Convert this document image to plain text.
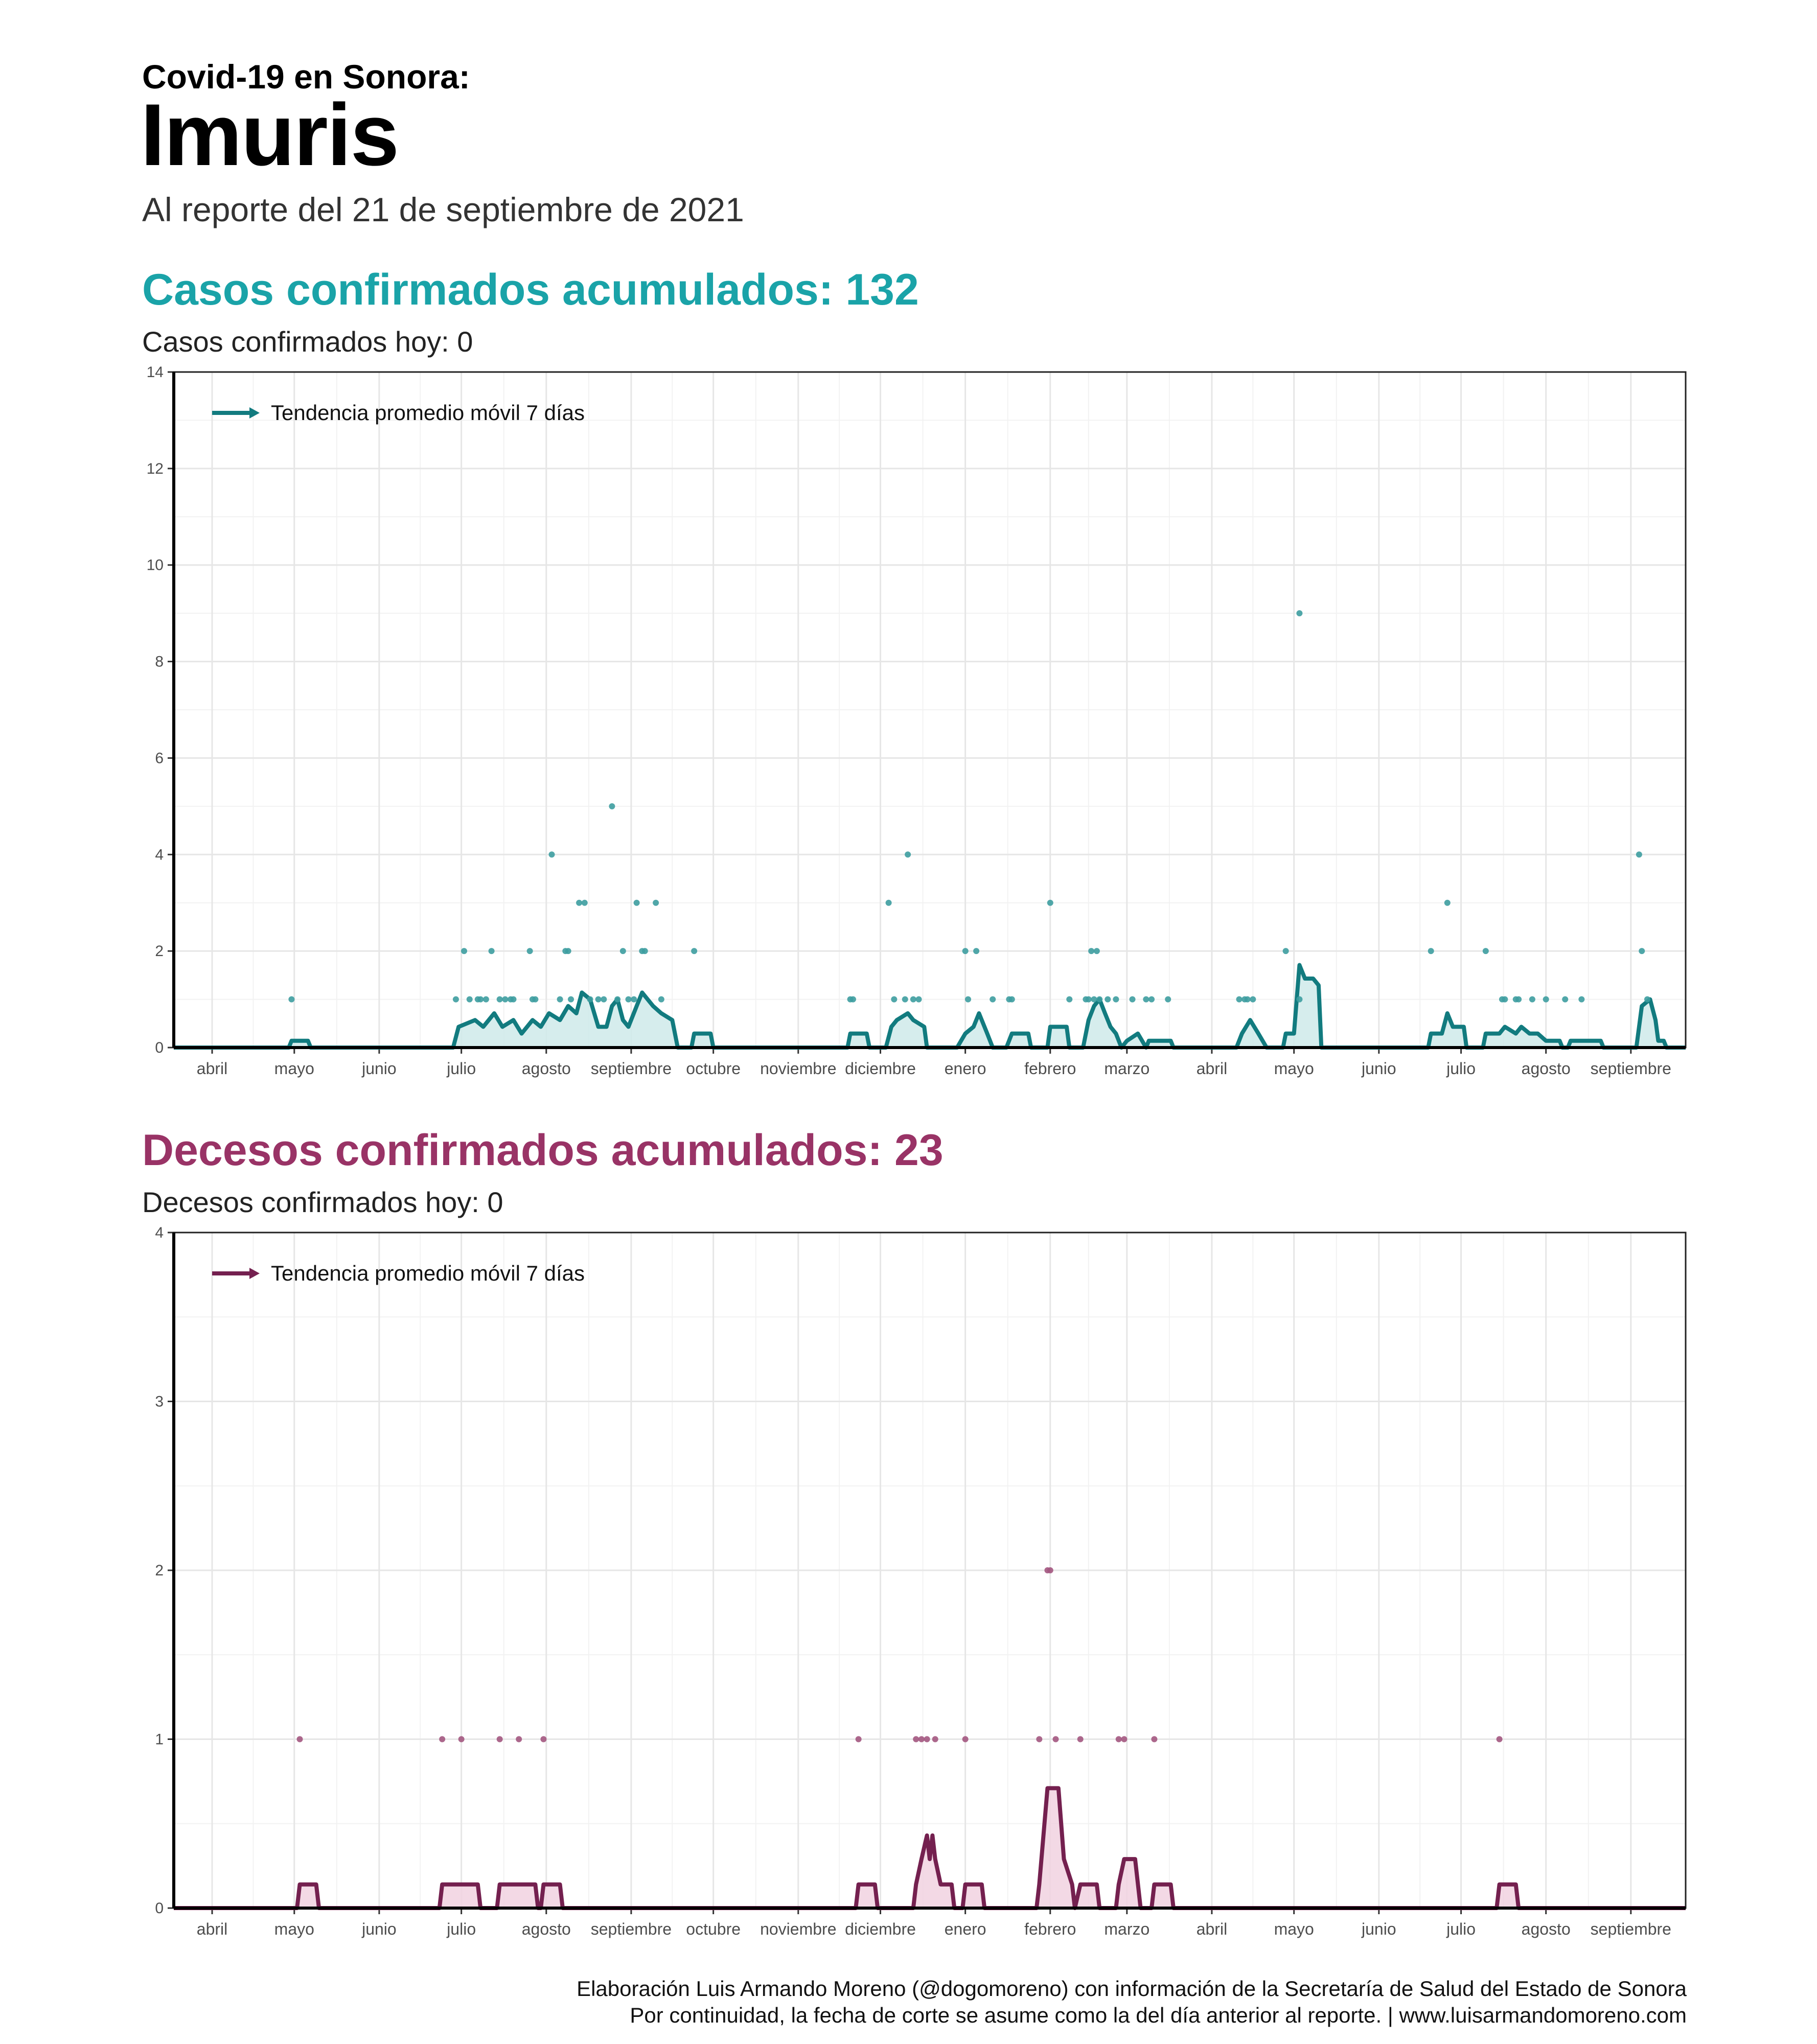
Covid-19 en Sonora:
Imuris
Al reporte del 21 de septiembre de 2021
Casos confirmados acumulados: 132
Casos confirmados hoy: 0
0
2
4
6
8
10
12
14
abril	mayo	junio	julio	agosto septiembre octubre noviembre diciembre enero febrero marzo	abril	mayo	junio	julio	agosto septiembre
Tendencia promedio móvil 7 días
Decesos confirmados acumulados: 23
Decesos confirmados hoy: 0
0
1
2
3
4
abril	mayo	junio	julio	agosto septiembre octubre noviembre diciembre enero febrero marzo	abril	mayo	junio	julio	agosto septiembre
Tendencia promedio móvil 7 días
Elaboración Luis Armando Moreno (@dogomoreno) con información de la Secretaría de Salud del Estado de Sonora
Por continuidad, la fecha de corte se asume como la del día anterior al reporte. | www.luisarmandomoreno.com
